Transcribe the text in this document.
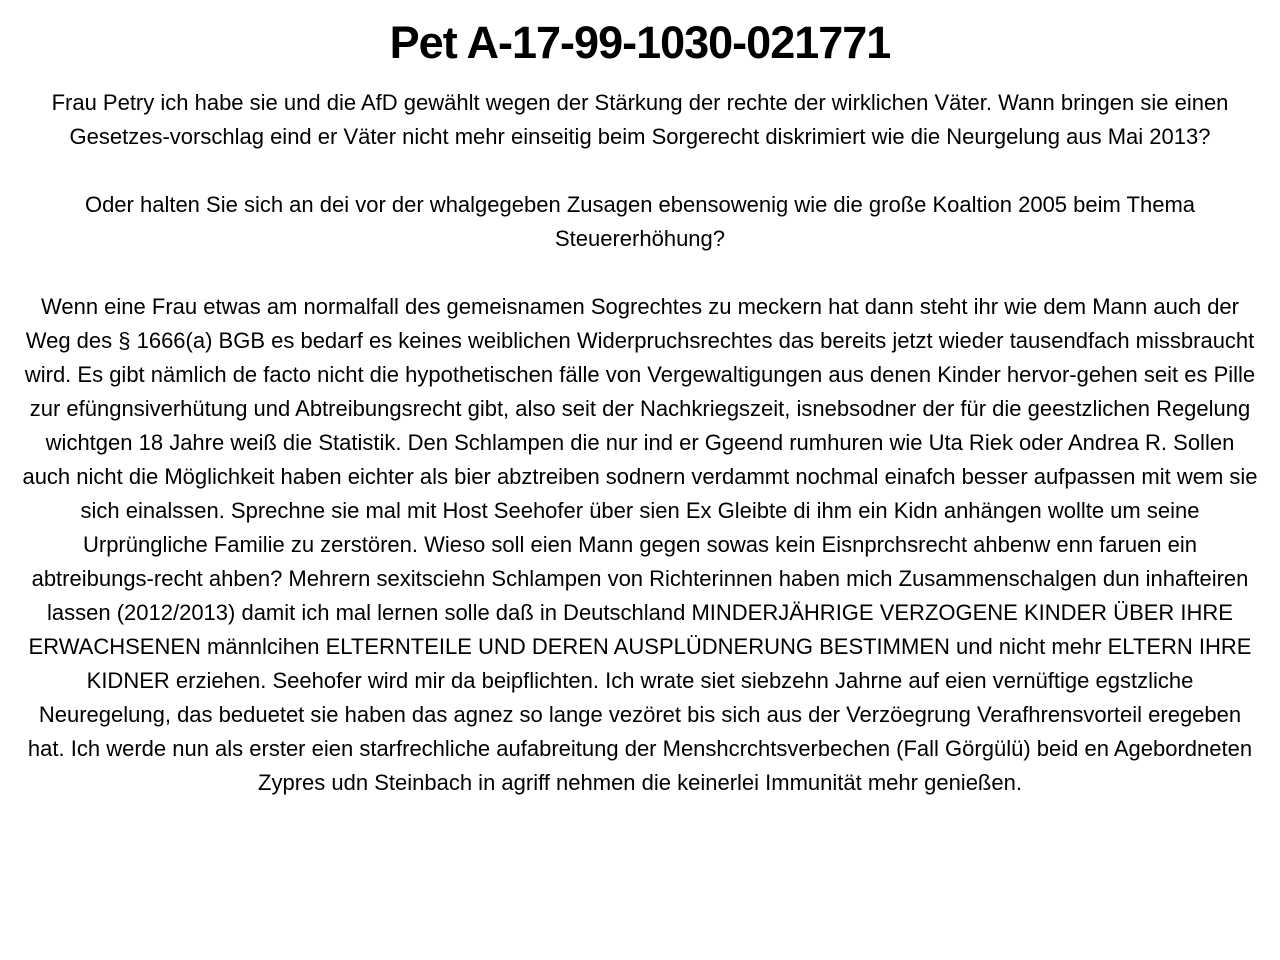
Pet A-17-99-1030-021771

Frau Petry ich habe sie und die AfD gewählt wegen der Stärkung der rechte der wirklichen Väter. Wann bringen sie einen Gesetzes-vorschlag eind er Väter nicht mehr einseitig beim Sorgerecht diskrimiert wie die Neurgelung aus Mai 2013?

Oder halten Sie sich an dei vor der whalgegeben Zusagen ebensowenig wie die große Koaltion 2005 beim Thema Steuererhöhung?

Wenn eine Frau etwas am normalfall des gemeisnamen Sogrechtes zu meckern hat dann steht ihr wie dem Mann auch der Weg des § 1666(a) BGB es bedarf es keines weiblichen Widerpruchsrechtes das bereits jetzt wieder tausendfach missbraucht wird. Es gibt nämlich de facto nicht die hypothetischen fälle von Vergewaltigungen aus denen Kinder hervor-gehen seit es Pille zur efüngnsiverhütung und Abtreibungsrecht gibt, also seit der Nachkriegszeit, isnebsodner der für die geestzlichen Regelung wichtgen 18 Jahre weiß die Statistik. Den Schlampen die nur ind er Ggeend rumhuren wie Uta Riek oder Andrea R. Sollen auch nicht die Möglichkeit haben eichter als bier abztreiben sodnern verdammt nochmal einafch besser aufpassen mit wem sie sich einalssen. Sprechne sie mal mit Host Seehofer über sien Ex Gleibte di ihm ein Kidn anhängen wollte um seine Urprüngliche Familie zu zerstören. Wieso soll eien Mann gegen sowas kein Eisnprchsrecht ahbenw enn faruen ein abtreibungs-recht ahben? Mehrern sexitsciehn Schlampen von Richterinnen haben mich Zusammenschalgen dun inhafteiren lassen (2012/2013) damit ich mal lernen solle daß in Deutschland MINDERJÄHRIGE VERZOGENE KINDER ÜBER IHRE ERWACHSENEN männlcihen ELTERNTEILE UND DEREN AUSPLÜDNERUNG BESTIMMEN und nicht mehr ELTERN IHRE KIDNER erziehen. Seehofer wird mir da beipflichten. Ich wrate siet siebzehn Jahrne auf eien vernüftige egstzliche Neuregelung, das beduetet sie haben das agnez so lange vezöret bis sich aus der Verzöegrung Verafhrensvorteil eregeben hat. Ich werde nun als erster eien starfrechliche aufabreitung der Menshcrchtsverbechen (Fall Görgülü) beid en Agebordneten Zypres udn Steinbach in agriff nehmen die keinerlei Immunität mehr genießen.
